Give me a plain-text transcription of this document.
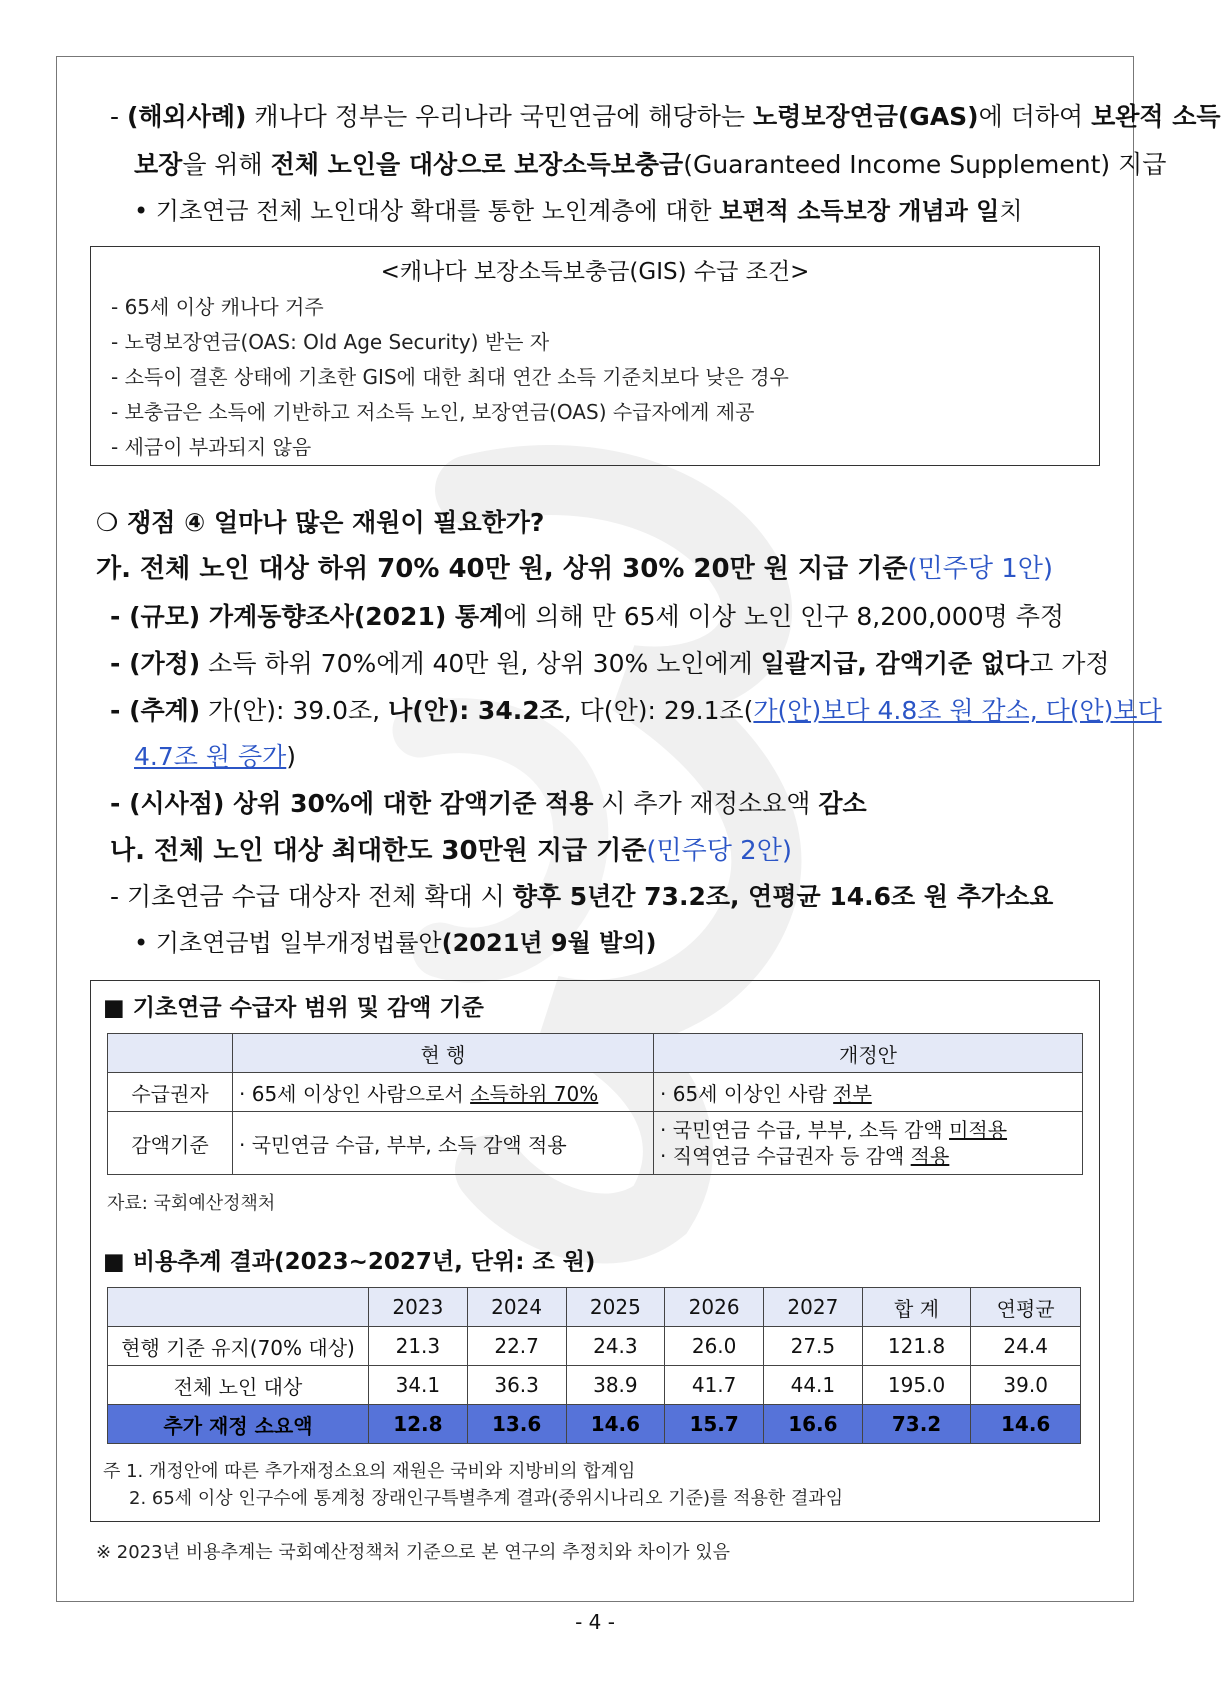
- (해외사례) 캐나다 정부는 우리나라 국민연금에 해당하는 노령보장연금(GAS)에 더하여 보완적 소득
보장을 위해 전체 노인을 대상으로 보장소득보충금(Guaranteed Income Supplement) 지급
• 기초연금 전체 노인대상 확대를 통한 노인계층에 대한 보편적 소득보장 개념과 일치
<캐나다 보장소득보충금(GIS) 수급 조건>
- 65세 이상 캐나다 거주
- 노령보장연금(OAS: Old Age Security) 받는 자
- 소득이 결혼 상태에 기초한 GIS에 대한 최대 연간 소득 기준치보다 낮은 경우
- 보충금은 소득에 기반하고 저소득 노인, 보장연금(OAS) 수급자에게 제공
- 세금이 부과되지 않음
❍ 쟁점 ④ 얼마나 많은 재원이 필요한가?
가. 전체 노인 대상 하위 70% 40만 원, 상위 30% 20만 원 지급 기준(민주당 1안)
- (규모) 가계동향조사(2021) 통계에 의해 만 65세 이상 노인 인구 8,200,000명 추정
- (가정) 소득 하위 70%에게 40만 원, 상위 30% 노인에게 일괄지급, 감액기준 없다고 가정
- (추계) 가(안): 39.0조, 나(안): 34.2조, 다(안): 29.1조(가(안)보다 4.8조 원 감소, 다(안)보다
4.7조 원 증가)
- (시사점) 상위 30%에 대한 감액기준 적용 시 추가 재정소요액 감소
나. 전체 노인 대상 최대한도 30만원 지급 기준(민주당 2안)
- 기초연금 수급 대상자 전체 확대 시 향후 5년간 73.2조, 연평균 14.6조 원 추가소요
• 기초연금법 일부개정법률안(2021년 9월 발의)
■ 기초연금 수급자 범위 및 감액 기준
	현 행	개정안
수급권자	· 65세 이상인 사람으로서 소득하위 70%	· 65세 이상인 사람 전부
감액기준	· 국민연금 수급, 부부, 소득 감액 적용	· 국민연금 수급, 부부, 소득 감액 미적용
· 직역연금 수급권자 등 감액 적용
자료: 국회예산정책처
■ 비용추계 결과(2023~2027년, 단위: 조 원)
	2023	2024	2025	2026	2027	합 계	연평균
현행 기준 유지(70% 대상)	21.3	22.7	24.3	26.0	27.5	121.8	24.4
전체 노인 대상	34.1	36.3	38.9	41.7	44.1	195.0	39.0
추가 재정 소요액	12.8	13.6	14.6	15.7	16.6	73.2	14.6
주 1. 개정안에 따른 추가재정소요의 재원은 국비와 지방비의 합계임
2. 65세 이상 인구수에 통계청 장래인구특별추계 결과(중위시나리오 기준)를 적용한 결과임
※ 2023년 비용추계는 국회예산정책처 기준으로 본 연구의 추정치와 차이가 있음
- 4 -
